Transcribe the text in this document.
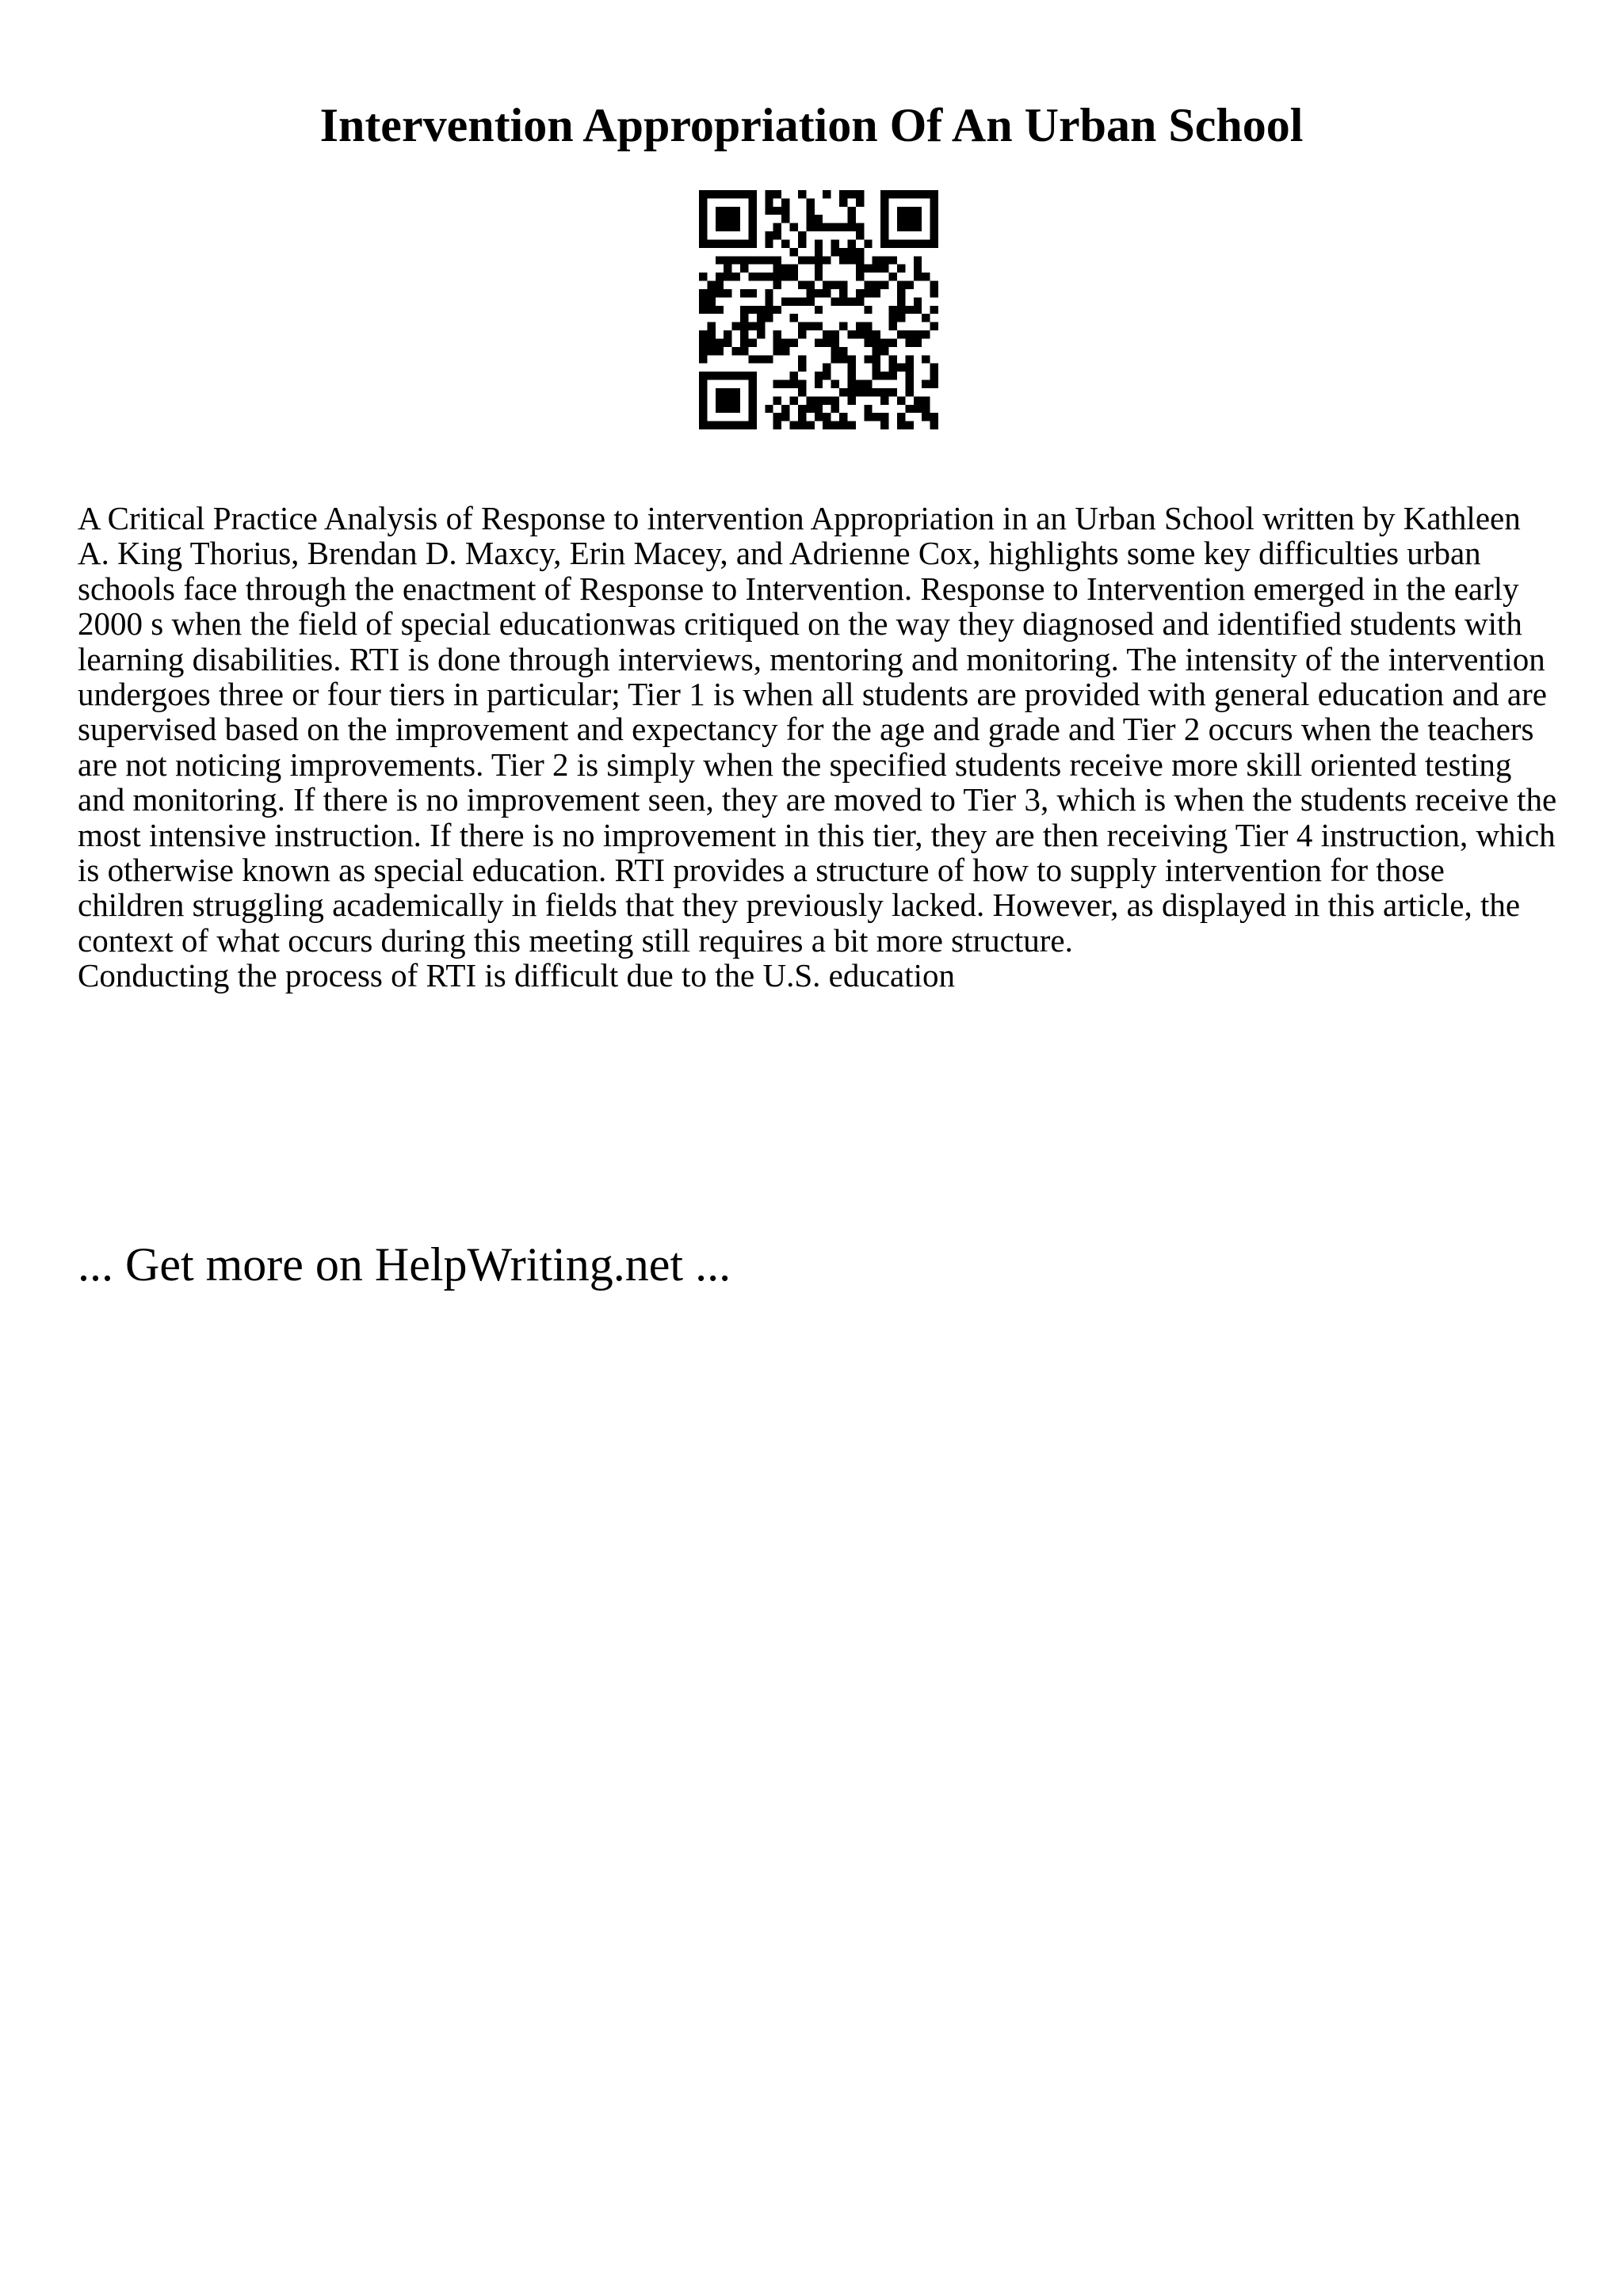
Intervention Appropriation Of An Urban School

A Critical Practice Analysis of Response to intervention Appropriation in an Urban School written by Kathleen A. King Thorius, Brendan D. Maxcy, Erin Macey, and Adrienne Cox, highlights some key difficulties urban schools face through the enactment of Response to Intervention. Response to Intervention emerged in the early 2000 s when the field of special educationwas critiqued on the way they diagnosed and identified students with learning disabilities. RTI is done through interviews, mentoring and monitoring. The intensity of the intervention undergoes three or four tiers in particular; Tier 1 is when all students are provided with general education and are supervised based on the improvement and expectancy for the age and grade and Tier 2 occurs when the teachers are not noticing improvements. Tier 2 is simply when the specified students receive more skill oriented testing and monitoring. If there is no improvement seen, they are moved to Tier 3, which is when the students receive the most intensive instruction. If there is no improvement in this tier, they are then receiving Tier 4 instruction, which is otherwise known as special education. RTI provides a structure of how to supply intervention for those children struggling academically in fields that they previously lacked. However, as displayed in this article, the context of what occurs during this meeting still requires a bit more structure.

Conducting the process of RTI is difficult due to the U.S. education

... Get more on HelpWriting.net ...
